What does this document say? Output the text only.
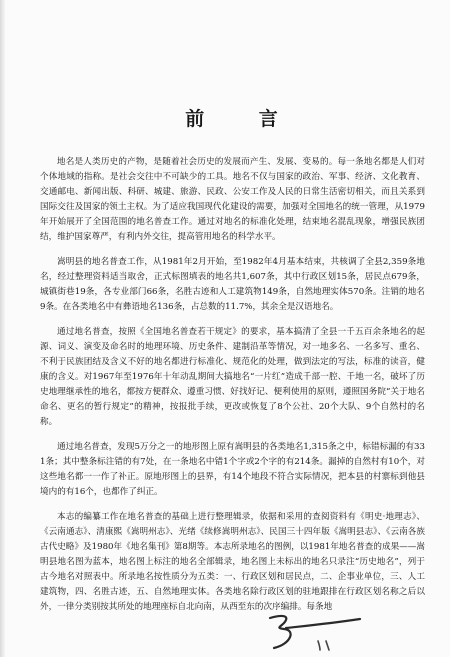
前 言

地名是人类历史的产物，是随着社会历史的发展而产生、发展、变易的。每一条地名都是人们对个体地域的指称。是社会交往中不可缺少的工具。地名不仅与国家的政治、军事、经济、文化教育、交通邮电、新闻出版、科研、城建、旅游、民政、公安工作及人民的日常生活密切相关，而且关系到国际交往及国家的领土主权。为了适应我国现代化建设的需要，加强对全国地名的统一管理，从1979年开始展开了全国范围的地名普查工作。通过对地名的标准化处理，结束地名混乱现象，增强民族团结，维护国家尊严，有利内外交往，提高管用地名的科学水平。

嵩明县的地名普查工作，从1981年2月开始，至1982年4月基本结束，共核调了全县2,359条地名，经过整理资料适当取舍，正式标图填表的地名共1,607条，其中行政区划15条，居民点679条，城镇街巷19条，各专业部门66条，名胜古迹和人工建筑物149条，自然地理实体570条。注销的地名9条。在各类地名中有彝语地名136条，占总数的11.7%，其余全是汉语地名。

通过地名普查，按照《全国地名普查若干规定》的要求，基本搞清了全县一千五百余条地名的起源、词义、演变及命名时的地理环境、历史条件、建制沿革等情况，对一地多名、一名多写、重名、不利于民族团结及含义不好的地名都进行标准化、规范化的处理，做到法定的写法，标准的读音，健康的含义。对1967年至1976年十年动乱期间大搞地名“一片红”造成千部一腔、千地一名，破坏了历史地理继承性的地名，都按方便群众、遵重习惯、好找好记、便利使用的原则，遵照国务院“关于地名命名、更名的暂行规定”的精神，按报批手续，更改或恢复了8个公社、20个大队、9个自然村的名称。

通过地名普查，发现5万分之一的地形图上原有嵩明县的各类地名1,315条之中，标错标漏的有331条；其中整条标注错的有7处，在一条地名中错1个字或2个字的有214条。漏掉的自然村有10个，对这些地名都一一作了补正。原地形图上的县界，有14个地段不符合实际情况，把本县的村寨标到他县境内的有16个，也都作了纠正。

本志的编纂工作在地名普查的基础上进行整理辑录，依据和采用的查阅资料有《明史·地理志》、《云南通志》、清康熙《嵩明州志》、光绪《续修嵩明州志》、民国三十四年版《嵩明县志》、《云南各族古代史略》及1980年《地名集刊》第8期等。本志所录地名的图例，以1981年地名普查的成果——嵩明县地名图为蓝本，地名图上标注的地名全部辑录，地名图上未标出的地名只录注“历史地名”，列于古今地名对照表中。所录地名按性质分为五类：一、行政区划和居民点，二、企事业单位，三、人工建筑物，四、名胜古迹，五、自然地理实体。各类地名除行政区划的驻地跟排在行政区划名称之后以外，一律分类别按其所处的地理座标自北向南，从西至东的次序编排。每条地
